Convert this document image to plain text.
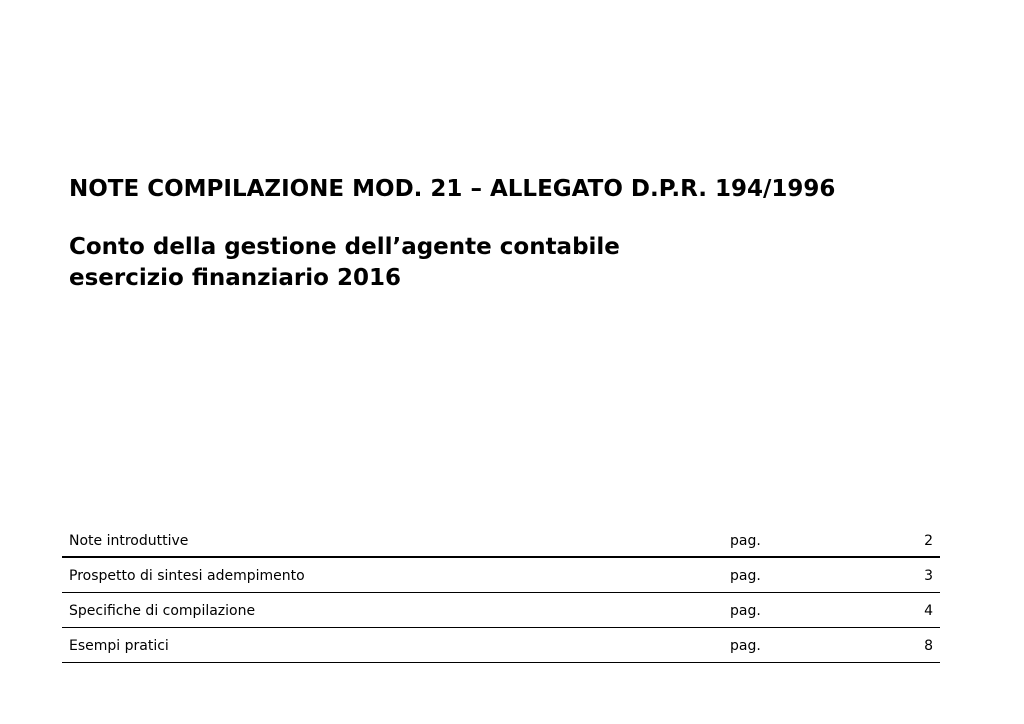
NOTE COMPILAZIONE MOD. 21 – ALLEGATO D.P.R. 194/1996
Conto della gestione dell’agente contabile
esercizio finanziario 2016
Note introduttive	pag.	2
Prospetto di sintesi adempimento	pag.	3
Specifiche di compilazione	pag.	4
Esempi pratici	pag.	8
